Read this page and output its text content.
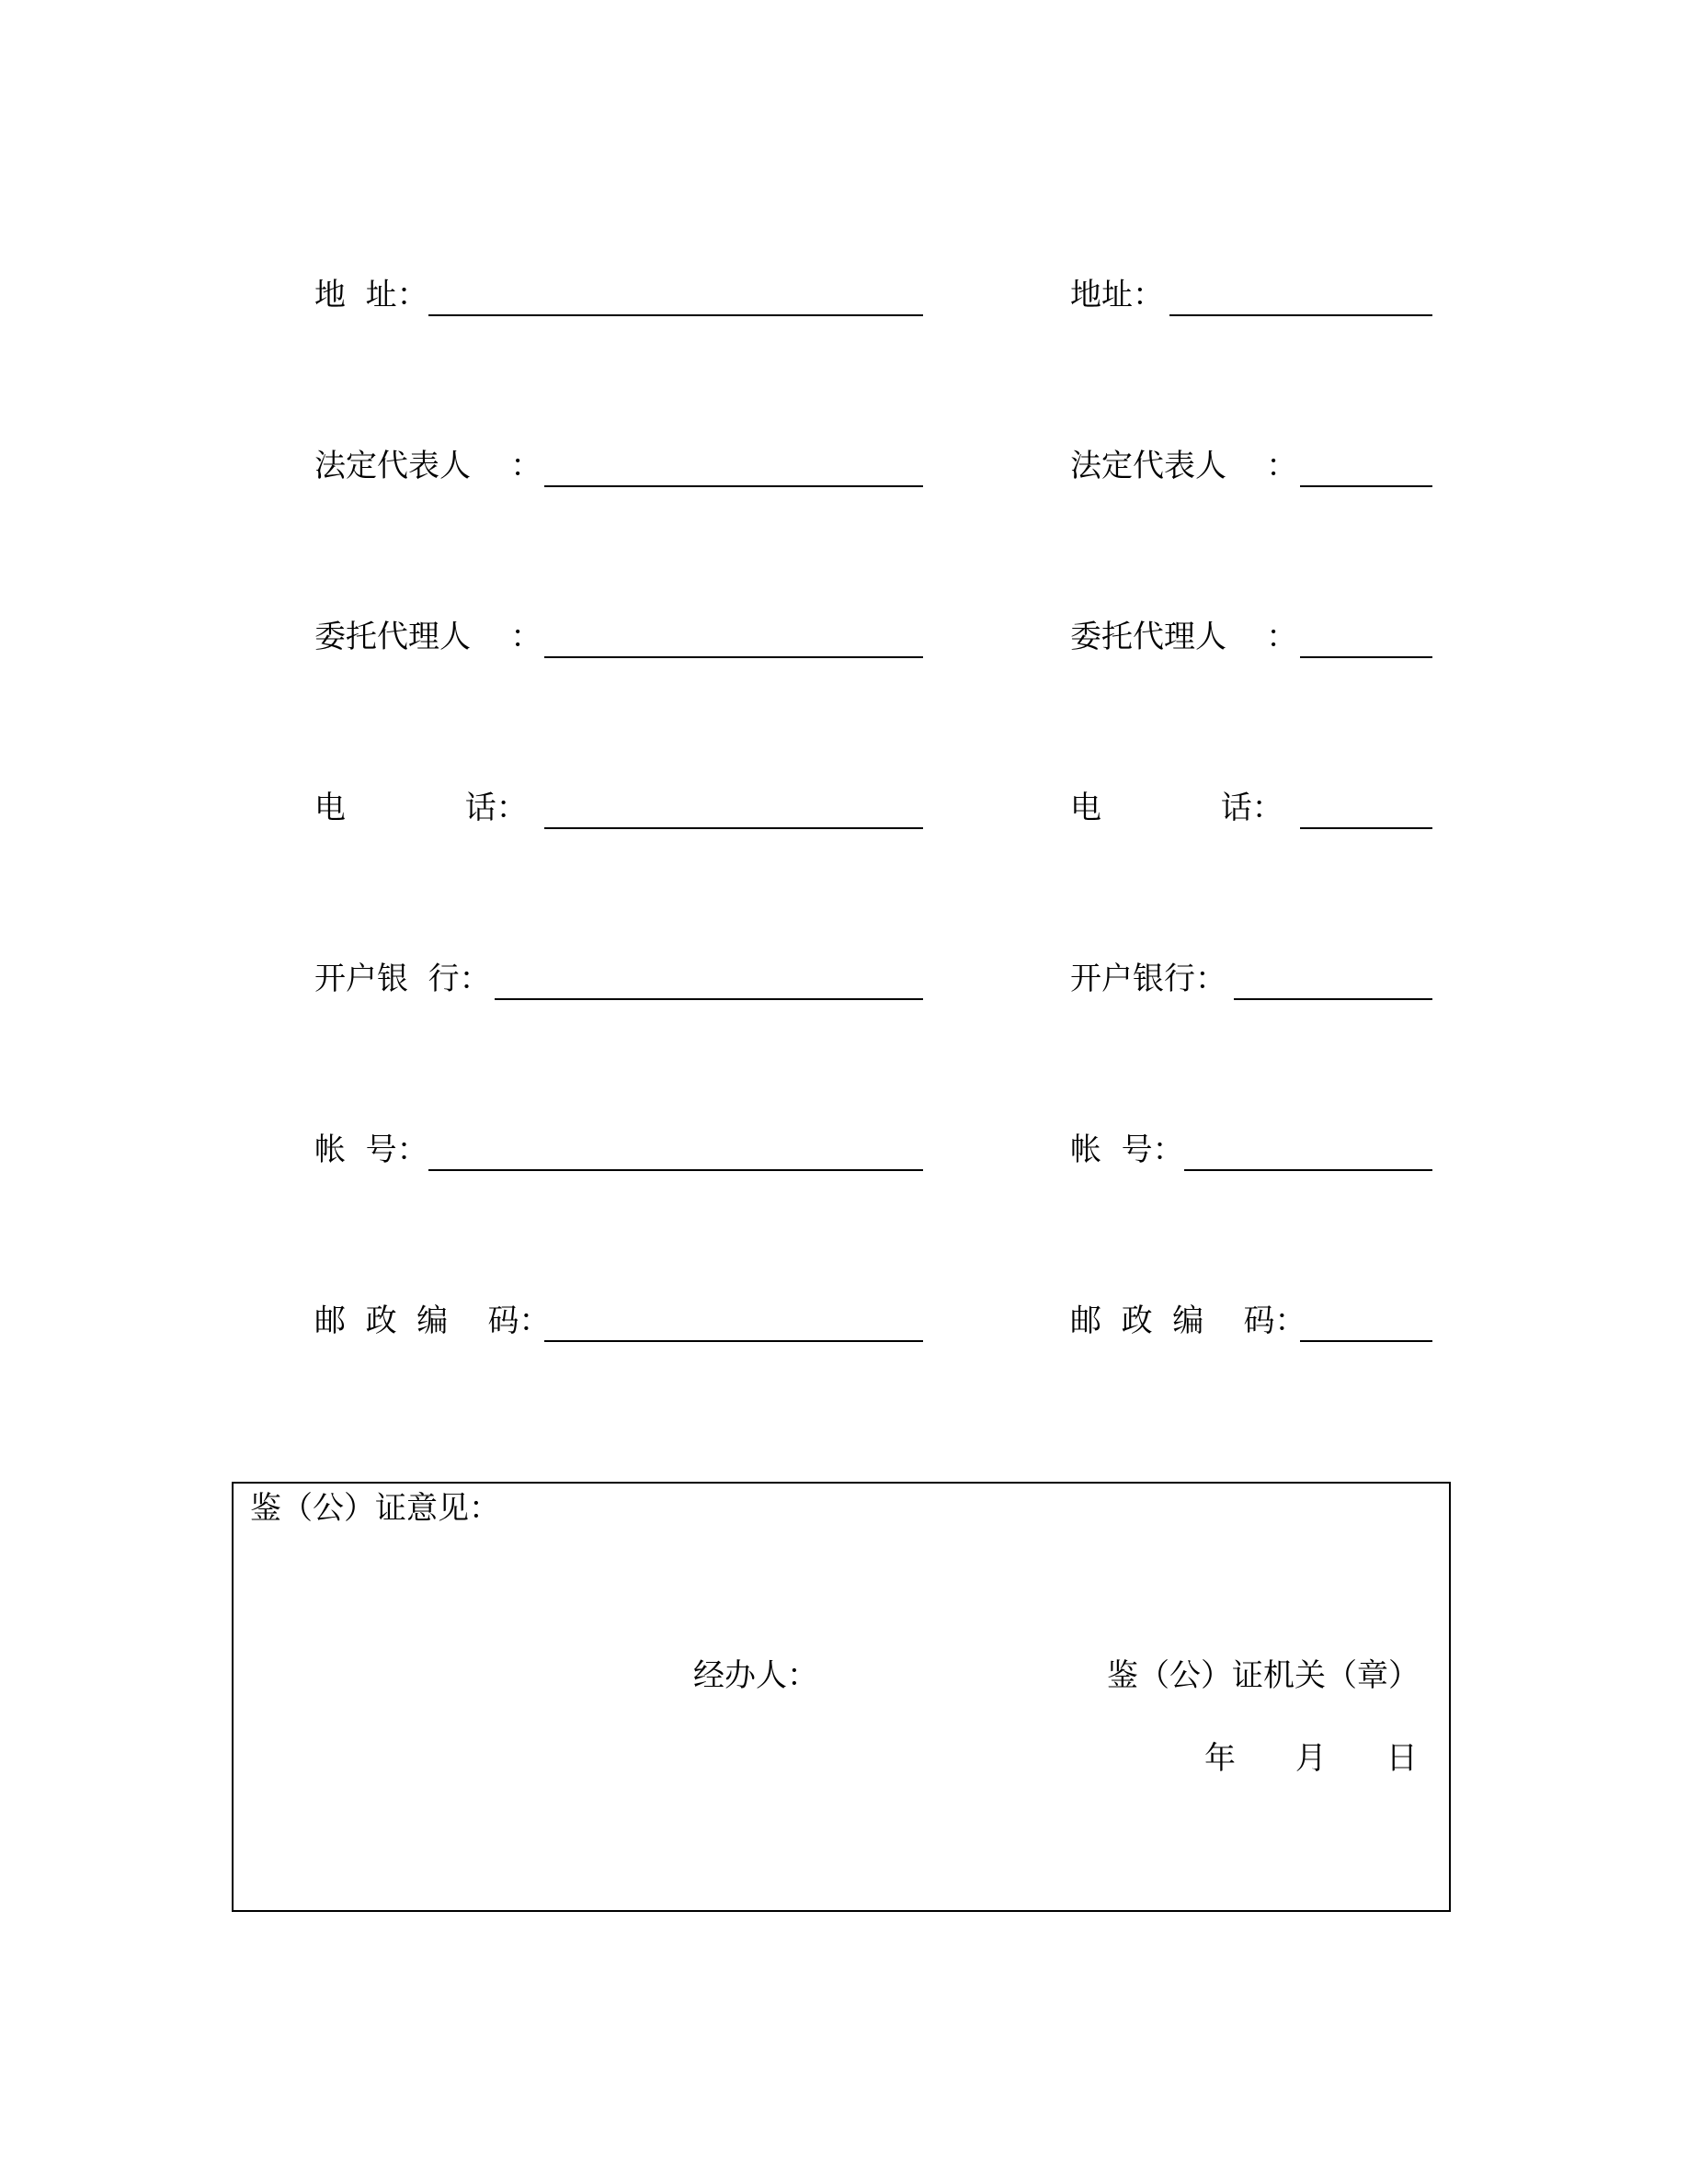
地  址：
法定代表人    ：
委托代理人    ：
电            话：
开户银  行：
帐  号：
邮  政  编    码：
地址：
法定代表人    ：
委托代理人    ：
电            话：
开户银行：
帐  号：
邮  政  编    码：
鉴（公）证意见：
经办人：	鉴（公）证机关（章）
年      月      日
